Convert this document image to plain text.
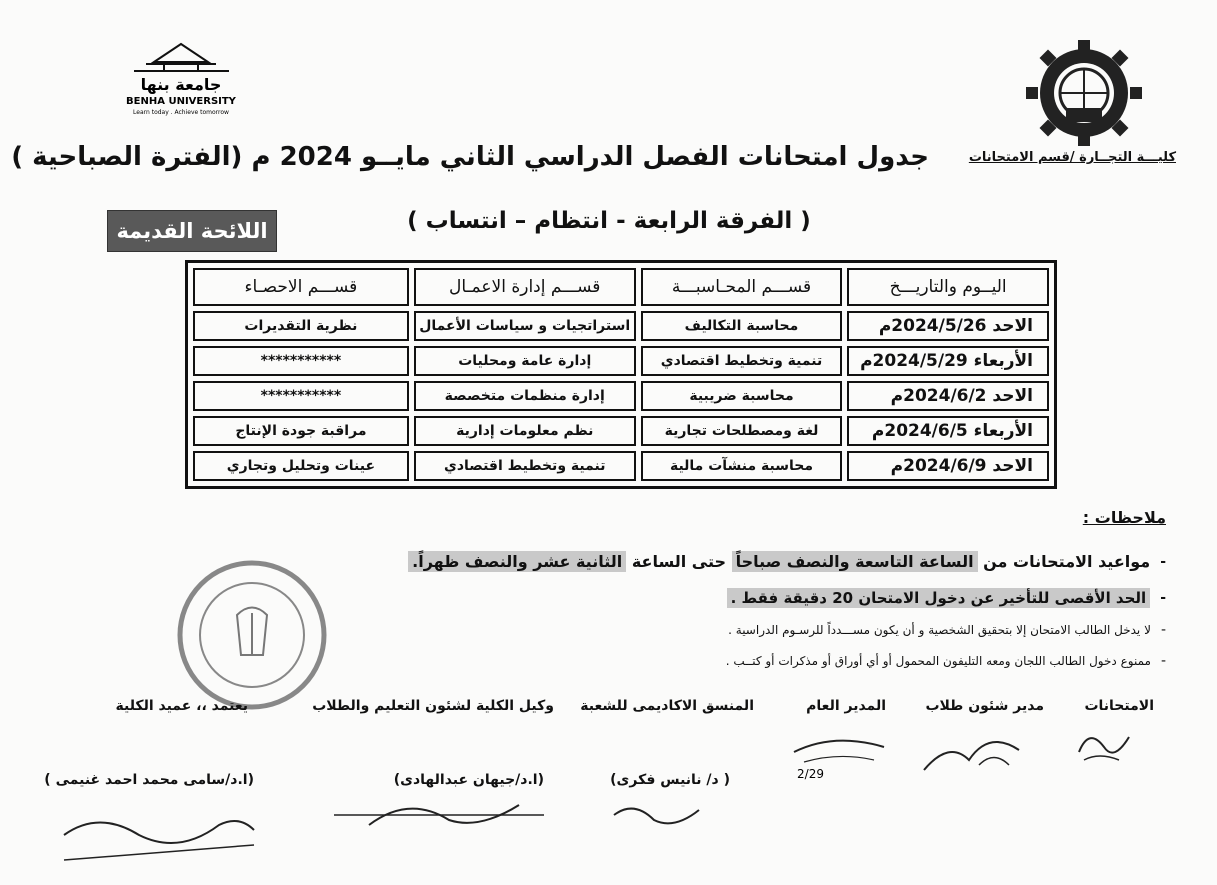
جامعة بنها
BENHA UNIVERSITY
Learn today . Achieve tomorrow
كليـــة التجــارة /قسم الامتحانات
جدول امتحانات الفصل الدراسي الثاني مايــو 2024 م (الفترة الصباحية )
اللائحة القديمة	( الفرقة الرابعة - انتظام – انتساب )
اليــوم والتاريـــخ	قســـم المحـاسبـــة	قســـم إدارة الاعمـال	قســـم الاحصـاء
الاحد 2024/5/26م	محاسبة التكاليف	استراتجيات و سياسات الأعمال	نظرية التقديرات
الأربعاء 2024/5/29م	تنمية وتخطيط اقتصادي	إدارة عامة ومحليات	***********
الاحد 2024/6/2م	محاسبة ضريبية	إدارة منظمات متخصصة	***********
الأربعاء 2024/6/5م	لغة ومصطلحات تجارية	نظم معلومات إدارية	مراقبة جودة الإنتاج
الاحد 2024/6/9م	محاسبة منشآت مالية	تنمية وتخطيط اقتصادي	عينات وتحليل وتجاري
ملاحظات :
-
مواعيد الامتحانات من الساعة التاسعة والنصف صباحاً حتى الساعة الثانية عشر والنصف ظهراً.
-
الحد الأقصى للتأخير عن دخول الامتحان 20 دقيقة فقط .
-
لا يدخل الطالب الامتحان إلا بتحقيق الشخصية و أن يكون مســـدداً للرسـوم الدراسية .
-
ممنوع دخول الطالب اللجان ومعه التليفون المحمول أو أي أوراق أو مذكرات أو كتــب .
الامتحانات
مدير شئون طلاب
المدير العام
المنسق الاكاديمى للشعبة
وكيل الكلية لشئون التعليم والطلاب
يعتمد ،، عميد الكلية
2/29
( د/ نانيس فكرى)
(ا.د/جيهان عبدالهادى)
(ا.د/سامى محمد احمد غنيمى )
